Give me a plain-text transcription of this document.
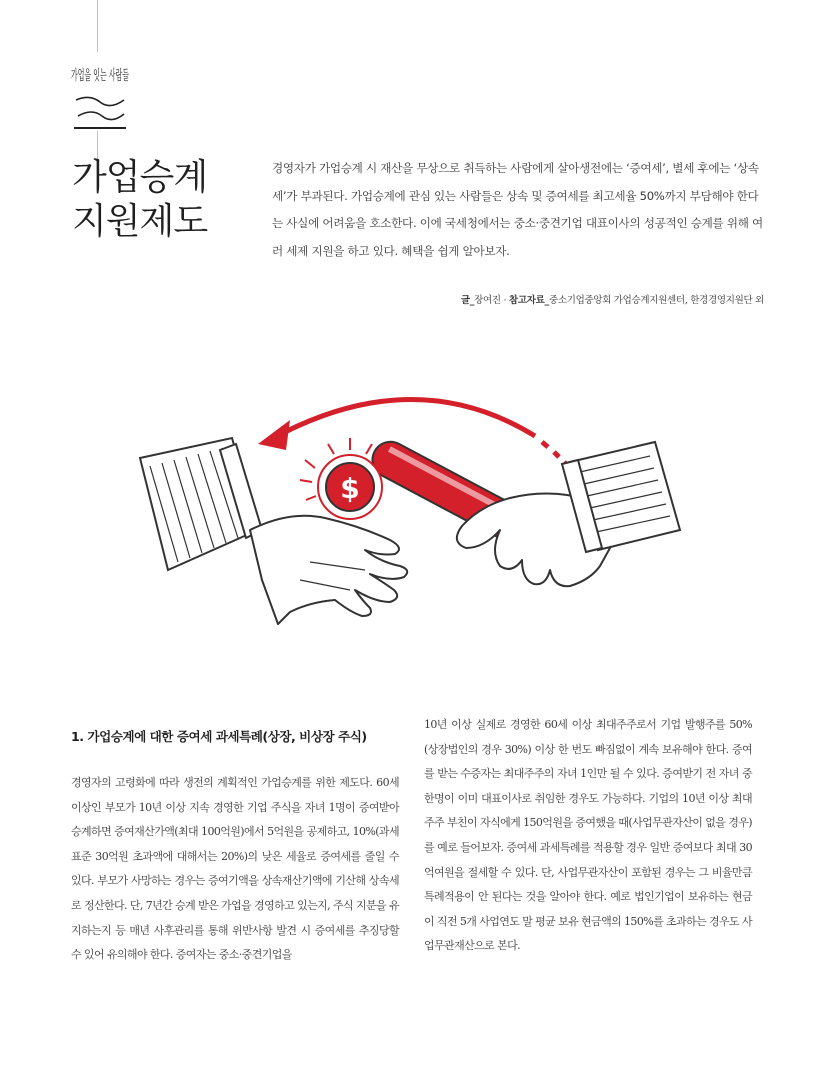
가업을 잇는 사람들
가업승계
지원제도

경영자가 가업승계 시 재산을 무상으로 취득하는 사람에게 살아생전에는 ‘증여세’, 별세 후에는 ‘상속세’가 부과된다. 가업승계에 관심 있는 사람들은 상속 및 증여세를 최고세율 50%까지 부담해야 한다는 사실에 어려움을 호소한다. 이에 국세청에서는 중소·중견기업 대표이사의 성공적인 승계를 위해 여러 세제 지원을 하고 있다. 혜택을 쉽게 알아보자.

글_장여진 · 참고자료_중소기업중앙회 가업승계지원센터, 한경경영지원단 외
$
1. 가업승계에 대한 증여세 과세특례(상장, 비상장 주식)

경영자의 고령화에 따라 생전의 계획적인 가업승계를 위한 제도다. 60세 이상인 부모가 10년 이상 지속 경영한 기업 주식을 자녀 1명이 증여받아 승계하면 증여재산가액(최대 100억원)에서 5억원을 공제하고, 10%(과세표준 30억원 초과액에 대해서는 20%)의 낮은 세율로 증여세를 줄일 수 있다. 부모가 사망하는 경우는 증여기액을 상속재산기액에 기산해 상속세로 정산한다. 단, 7년간 승계 받은 가업을 경영하고 있는지, 주식 지분을 유지하는지 등 매년 사후관리를 통해 위반사항 발견 시 증여세를 추징당할 수 있어 유의해야 한다. 증여자는 중소·중견기업을

10년 이상 실제로 경영한 60세 이상 최대주주로서 기업 발행주를 50%(상장법인의 경우 30%) 이상 한 번도 빠짐없이 계속 보유해야 한다. 증여를 받는 수증자는 최대주주의 자녀 1인만 될 수 있다. 증여받기 전 자녀 중 한명이 이미 대표이사로 취임한 경우도 가능하다. 기업의 10년 이상 최대주주 부친이 자식에게 150억원을 증여했을 때(사업무관자산이 없을 경우)를 예로 들어보자. 증여세 과세특례를 적용할 경우 일반 증여보다 최대 30억여원을 절세할 수 있다. 단, 사업무관자산이 포함된 경우는 그 비율만큼 특례적용이 안 된다는 것을 알아야 한다. 예로 법인기업이 보유하는 현금이 직전 5개 사업연도 말 평균 보유 현금액의 150%를 초과하는 경우도 사업무관재산으로 본다.
